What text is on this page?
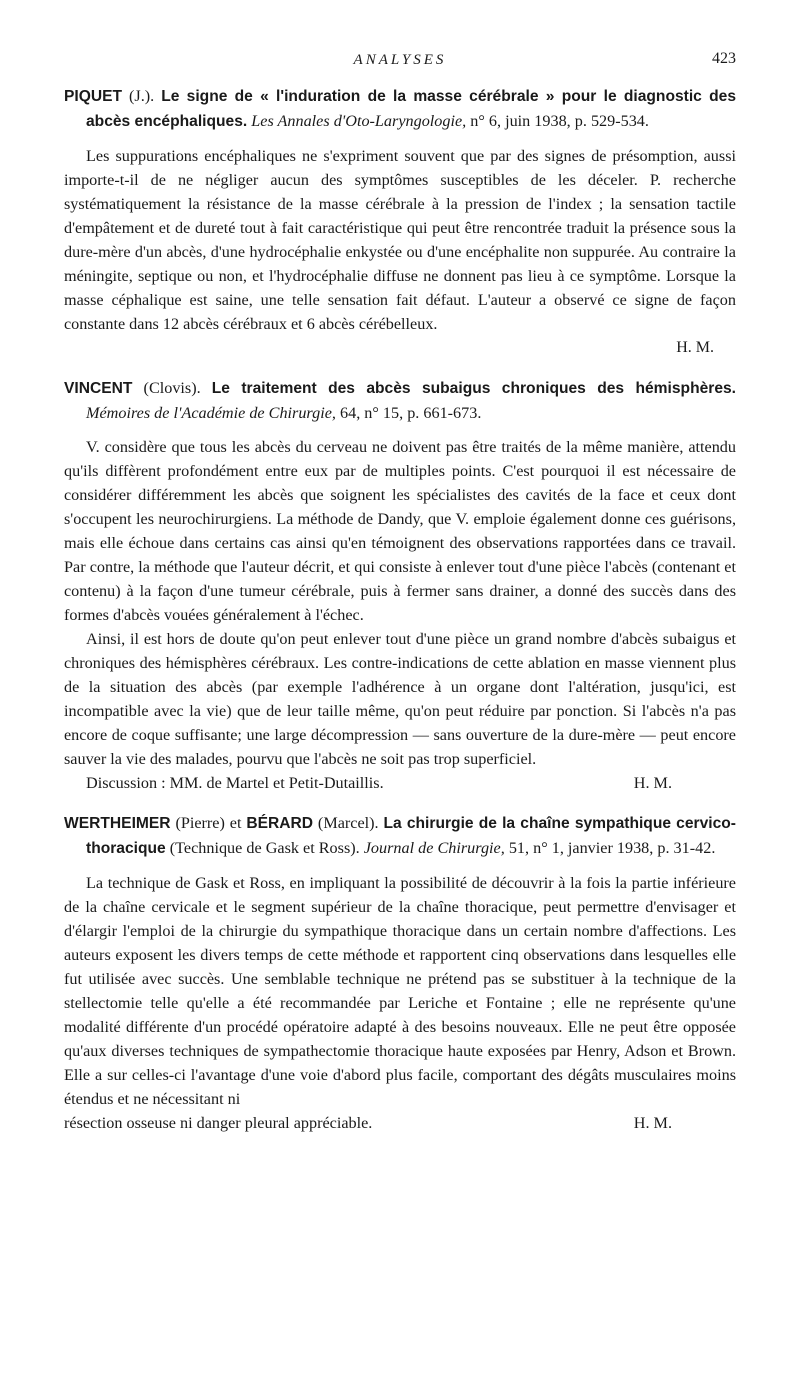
ANALYSES	423

PIQUET (J.). Le signe de « l'induration de la masse cérébrale » pour le diagnostic des abcès encéphaliques. Les Annales d'Oto-Laryngologie, n° 6, juin 1938, p. 529-534.

Les suppurations encéphaliques ne s'expriment souvent que par des signes de présomption, aussi importe-t-il de ne négliger aucun des symptômes susceptibles de les déceler. P. recherche systématiquement la résistance de la masse cérébrale à la pression de l'index ; la sensation tactile d'empâtement et de dureté tout à fait caractéristique qui peut être rencontrée traduit la présence sous la dure-mère d'un abcès, d'une hydrocéphalie enkystée ou d'une encéphalite non suppurée. Au contraire la méningite, septique ou non, et l'hydrocéphalie diffuse ne donnent pas lieu à ce symptôme. Lorsque la masse céphalique est saine, une telle sensation fait défaut. L'auteur a observé ce signe de façon constante dans 12 abcès cérébraux et 6 abcès cérébelleux.

H. M.

VINCENT (Clovis). Le traitement des abcès subaigus chroniques des hémisphères. Mémoires de l'Académie de Chirurgie, 64, n° 15, p. 661-673.

V. considère que tous les abcès du cerveau ne doivent pas être traités de la même manière, attendu qu'ils diffèrent profondément entre eux par de multiples points. C'est pourquoi il est nécessaire de considérer différemment les abcès que soignent les spécialistes des cavités de la face et ceux dont s'occupent les neurochirurgiens. La méthode de Dandy, que V. emploie également donne ces guérisons, mais elle échoue dans certains cas ainsi qu'en témoignent des observations rapportées dans ce travail. Par contre, la méthode que l'auteur décrit, et qui consiste à enlever tout d'une pièce l'abcès (contenant et contenu) à la façon d'une tumeur cérébrale, puis à fermer sans drainer, a donné des succès dans des formes d'abcès vouées généralement à l'échec.

Ainsi, il est hors de doute qu'on peut enlever tout d'une pièce un grand nombre d'abcès subaigus et chroniques des hémisphères cérébraux. Les contre-indications de cette ablation en masse viennent plus de la situation des abcès (par exemple l'adhérence à un organe dont l'altération, jusqu'ici, est incompatible avec la vie) que de leur taille même, qu'on peut réduire par ponction. Si l'abcès n'a pas encore de coque suffisante; une large décompression — sans ouverture de la dure-mère — peut encore sauver la vie des malades, pourvu que l'abcès ne soit pas trop superficiel.

Discussion : MM. de Martel et Petit-Dutaillis.	H. M.

WERTHEIMER (Pierre) et BÉRARD (Marcel). La chirurgie de la chaîne sympathique cervico-thoracique (Technique de Gask et Ross). Journal de Chirurgie, 51, n° 1, janvier 1938, p. 31-42.

La technique de Gask et Ross, en impliquant la possibilité de découvrir à la fois la partie inférieure de la chaîne cervicale et le segment supérieur de la chaîne thoracique, peut permettre d'envisager et d'élargir l'emploi de la chirurgie du sympathique thoracique dans un certain nombre d'affections. Les auteurs exposent les divers temps de cette méthode et rapportent cinq observations dans lesquelles elle fut utilisée avec succès. Une semblable technique ne prétend pas se substituer à la technique de la stellectomie telle qu'elle a été recommandée par Leriche et Fontaine ; elle ne représente qu'une modalité différente d'un procédé opératoire adapté à des besoins nouveaux. Elle ne peut être opposée qu'aux diverses techniques de sympathectomie thoracique haute exposées par Henry, Adson et Brown. Elle a sur celles-ci l'avantage d'une voie d'abord plus facile, comportant des dégâts musculaires moins étendus et ne nécessitant ni

résection osseuse ni danger pleural appréciable.	H. M.
